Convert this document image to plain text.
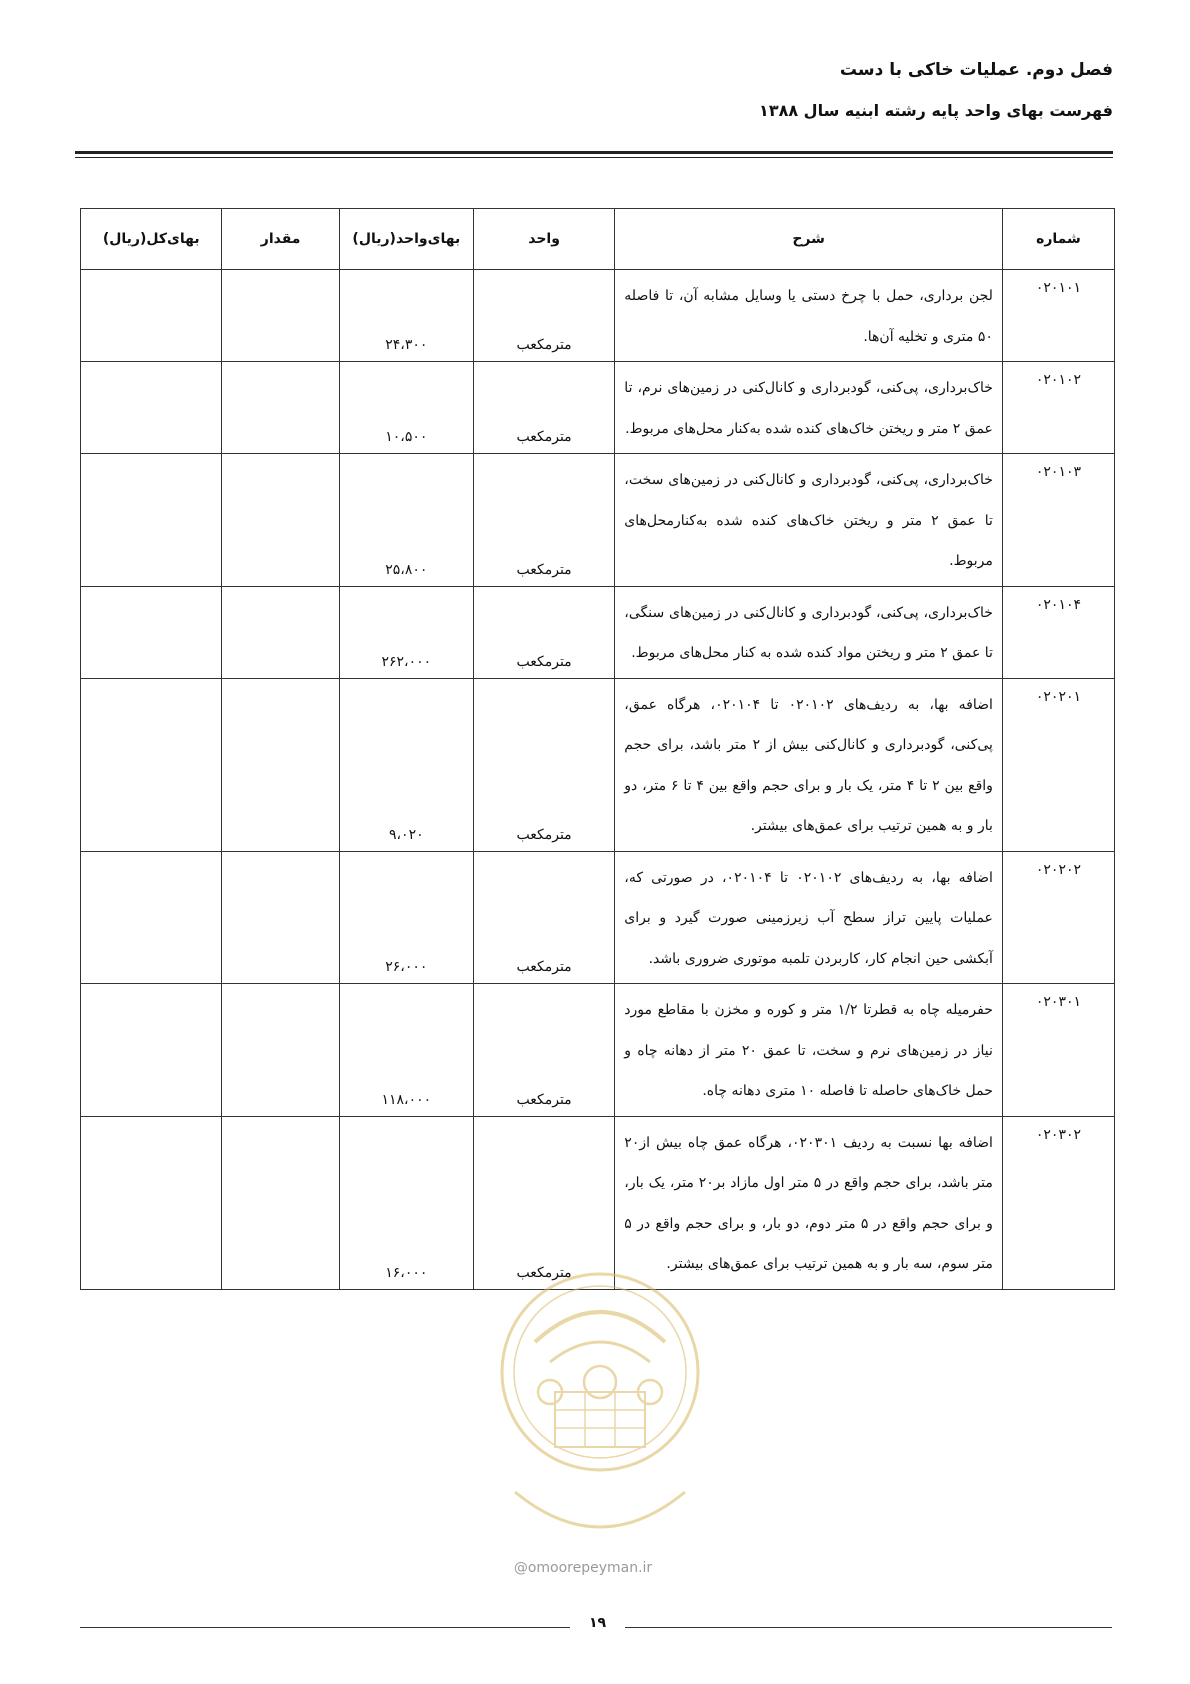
فصل دوم. عملیات خاکی با دست
فهرست بهای واحد پایه رشته ابنیه سال ۱۳۸۸
شماره	شرح	واحد	بهای‌واحد(ریال)	مقدار	بهای‌کل(ریال)
۰۲۰۱۰۱	لجن برداری، حمل با چرخ دستی یا وسایل مشابه آن، تا فاصله ۵۰ متری و تخلیه آن‌ها.	مترمکعب	۲۴،۳۰۰		
۰۲۰۱۰۲	خاک‌برداری، پی‌کنی، گودبرداری و کانال‌کنی در زمین‌های نرم، تا عمق ۲ متر و ریختن خاک‌های کنده شده به‌کنار محل‌های مربوط.	مترمکعب	۱۰،۵۰۰		
۰۲۰۱۰۳	خاک‌برداری، پی‌کنی، گودبرداری و کانال‌کنی در زمین‌های سخت، تا عمق ۲ متر و ریختن خاک‌های کنده شده به‌کنارمحل‌های مربوط.	مترمکعب	۲۵،۸۰۰		
۰۲۰۱۰۴	خاک‌برداری، پی‌کنی، گودبرداری و کانال‌کنی در زمین‌های سنگی، تا عمق ۲ متر و ریختن مواد کنده شده به کنار محل‌های مربوط.	مترمکعب	۲۶۲،۰۰۰		
۰۲۰۲۰۱	اضافه بها، به ردیف‌های ۰۲۰۱۰۲ تا ۰۲۰۱۰۴، هرگاه عمق، پی‌کنی، گودبرداری و کانال‌کنی بیش از ۲ متر باشد، برای حجم واقع بین ۲ تا ۴ متر، یک بار و برای حجم واقع بین ۴ تا ۶ متر، دو بار و به همین ترتیب برای عمق‌های بیشتر.	مترمکعب	۹،۰۲۰		
۰۲۰۲۰۲	اضافه بها، به ردیف‌های ۰۲۰۱۰۲ تا ۰۲۰۱۰۴، در صورتی که، عملیات پایین تراز سطح آب زیرزمینی صورت گیرد و برای آبکشی حین انجام کار، کاربردن تلمبه موتوری ضروری باشد.	مترمکعب	۲۶،۰۰۰		
۰۲۰۳۰۱	حفرمیله چاه به قطرتا ۱/۲ متر و کوره و مخزن با مقاطع مورد نیاز در زمین‌های نرم و سخت، تا عمق ۲۰ متر از دهانه چاه و حمل خاک‌های حاصله تا فاصله ۱۰ متری دهانه چاه.	مترمکعب	۱۱۸،۰۰۰		
۰۲۰۳۰۲	اضافه بها نسبت به ردیف ۰۲۰۳۰۱، هرگاه عمق چاه بیش از۲۰ متر باشد، برای حجم واقع در ۵ متر اول مازاد بر۲۰ متر، یک بار، و برای حجم واقع در ۵ متر دوم، دو بار، و برای حجم واقع در ۵ متر سوم، سه بار و به همین ترتیب برای عمق‌های بیشتر.	مترمکعب	۱۶،۰۰۰		
@omoorepeyman.ir
۱۹
